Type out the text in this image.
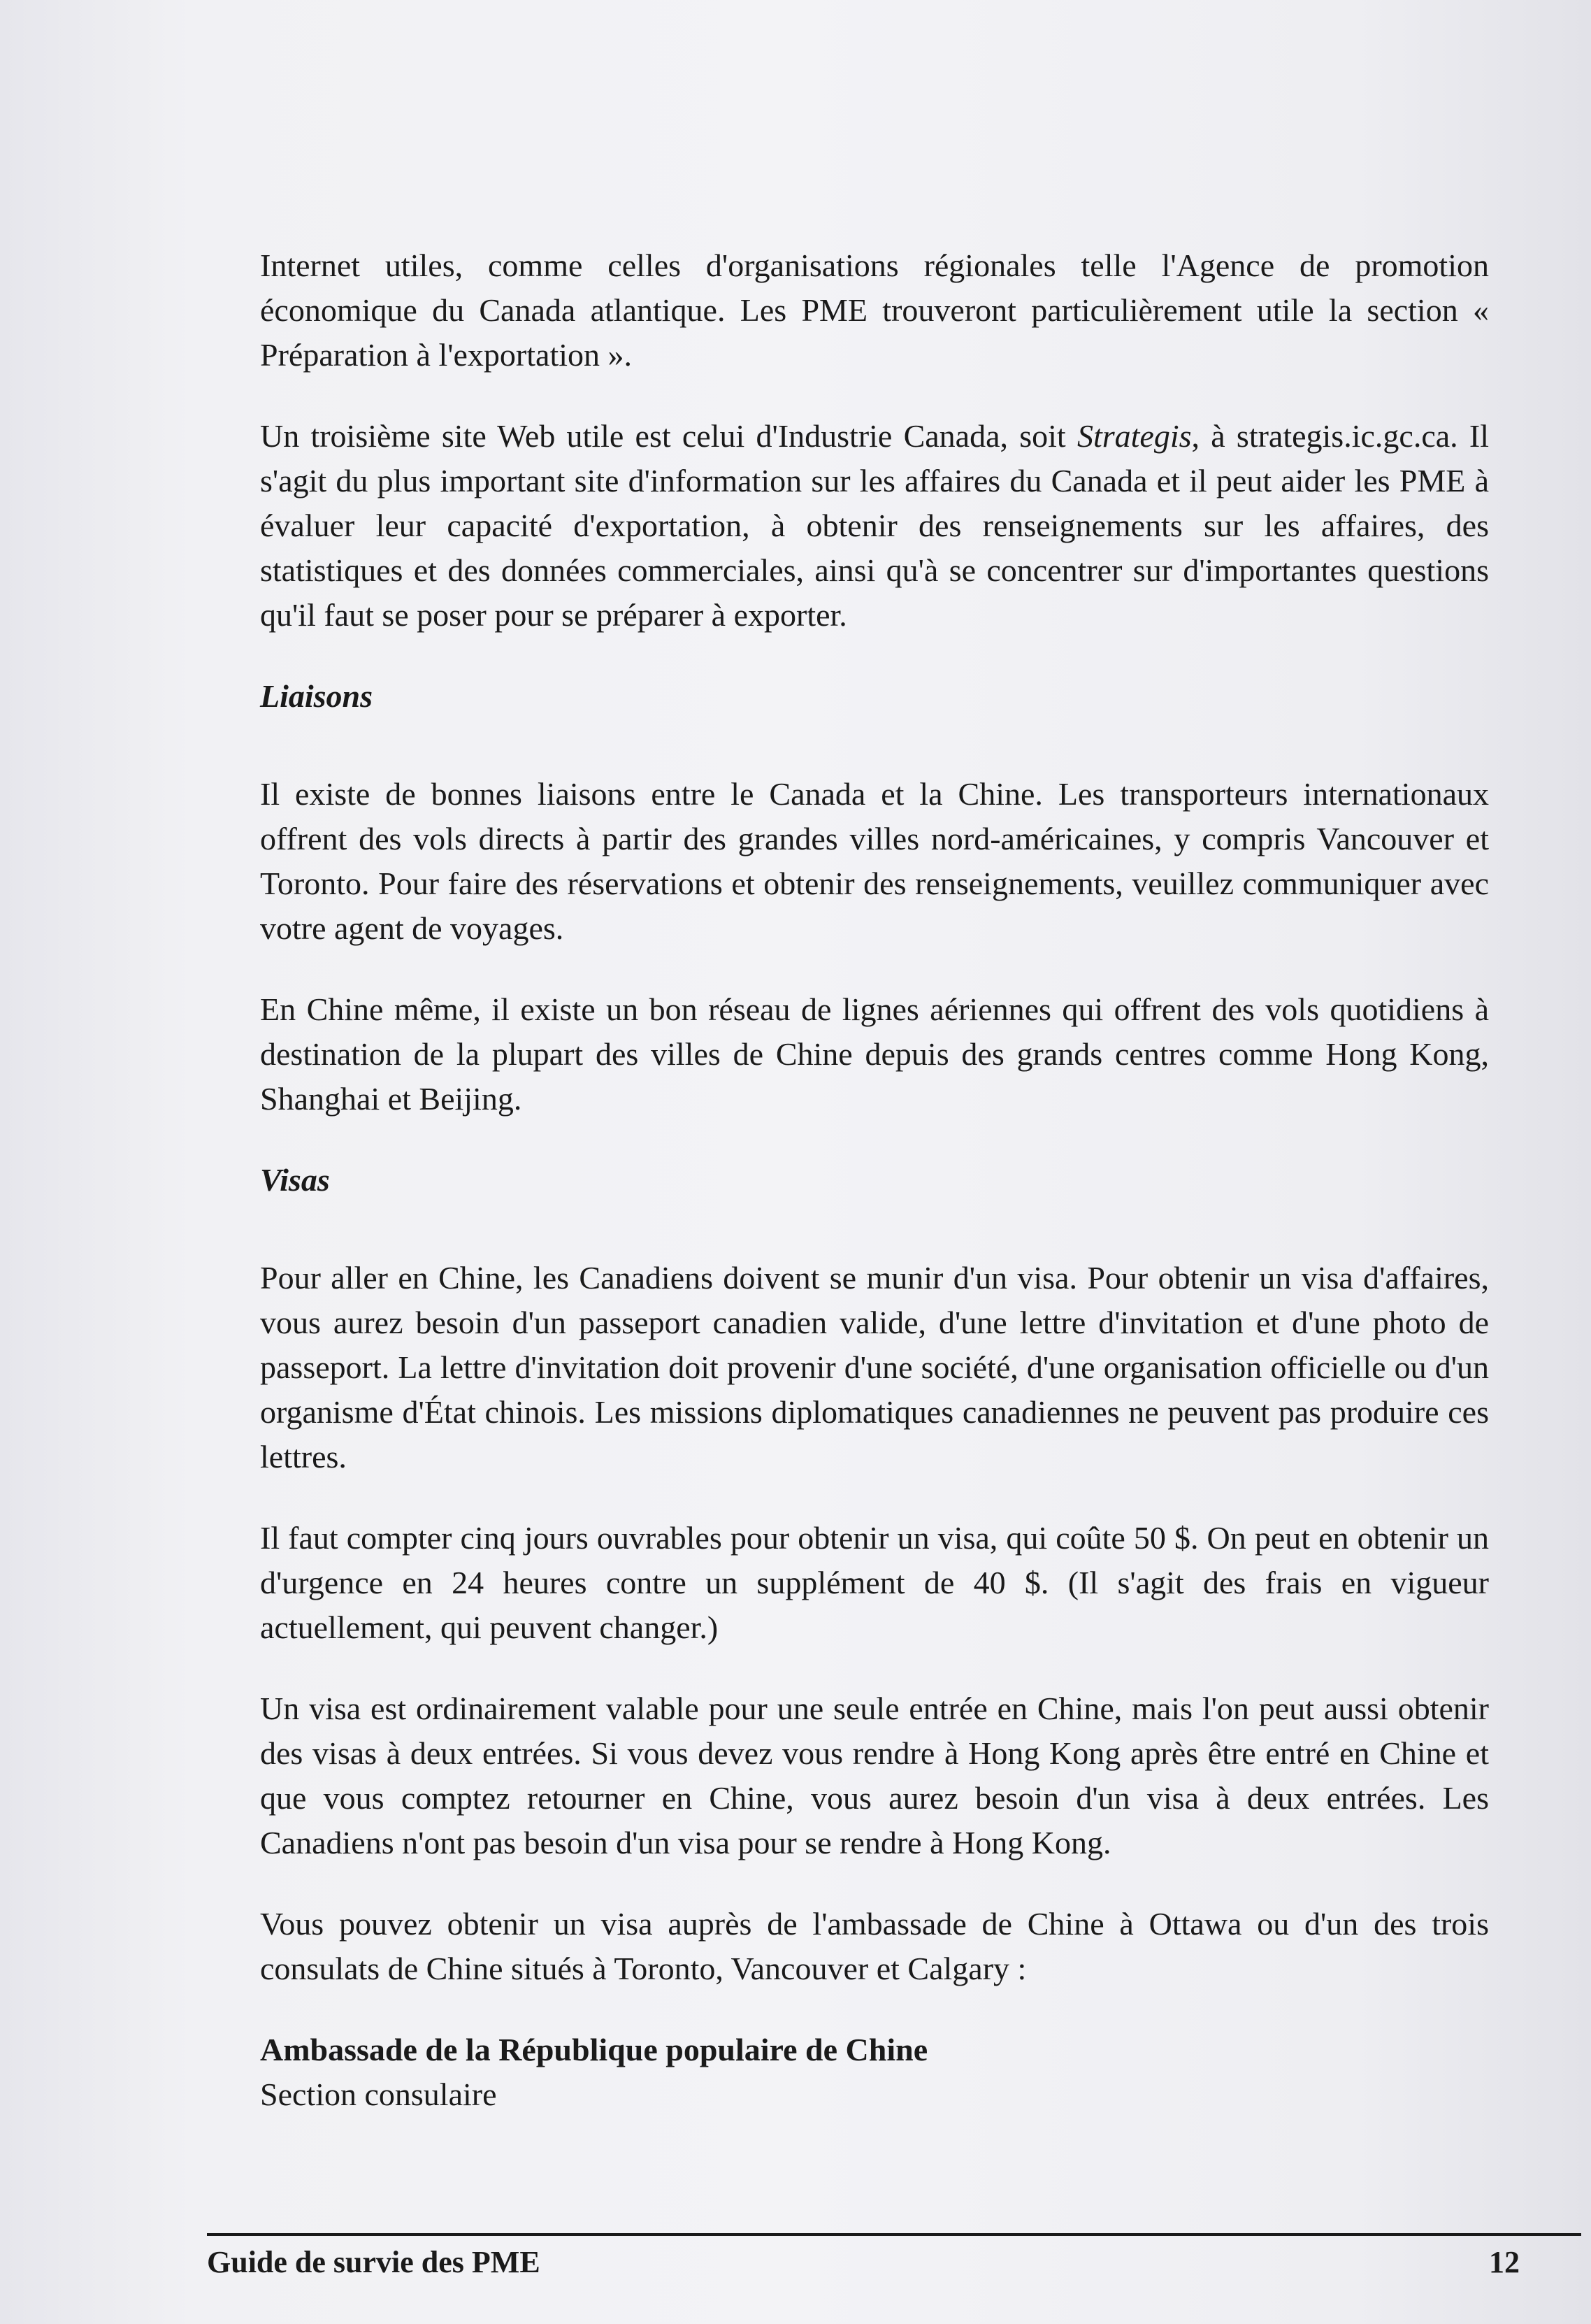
Internet utiles, comme celles d'organisations régionales telle l'Agence de promotion économique du Canada atlantique. Les PME trouveront particulièrement utile la section « Préparation à l'exportation ».

Un troisième site Web utile est celui d'Industrie Canada, soit Strategis, à strategis.ic.gc.ca. Il s'agit du plus important site d'information sur les affaires du Canada et il peut aider les PME à évaluer leur capacité d'exportation, à obtenir des renseignements sur les affaires, des statistiques et des données commerciales, ainsi qu'à se concentrer sur d'importantes questions qu'il faut se poser pour se préparer à exporter.

Liaisons

Il existe de bonnes liaisons entre le Canada et la Chine. Les transporteurs internationaux offrent des vols directs à partir des grandes villes nord-américaines, y compris Vancouver et Toronto. Pour faire des réservations et obtenir des renseignements, veuillez communiquer avec votre agent de voyages.

En Chine même, il existe un bon réseau de lignes aériennes qui offrent des vols quotidiens à destination de la plupart des villes de Chine depuis des grands centres comme Hong Kong, Shanghai et Beijing.

Visas

Pour aller en Chine, les Canadiens doivent se munir d'un visa. Pour obtenir un visa d'affaires, vous aurez besoin d'un passeport canadien valide, d'une lettre d'invitation et d'une photo de passeport. La lettre d'invitation doit provenir d'une société, d'une organisation officielle ou d'un organisme d'État chinois. Les missions diplomatiques canadiennes ne peuvent pas produire ces lettres.

Il faut compter cinq jours ouvrables pour obtenir un visa, qui coûte 50 $. On peut en obtenir un d'urgence en 24 heures contre un supplément de 40 $. (Il s'agit des frais en vigueur actuellement, qui peuvent changer.)

Un visa est ordinairement valable pour une seule entrée en Chine, mais l'on peut aussi obtenir des visas à deux entrées. Si vous devez vous rendre à Hong Kong après être entré en Chine et que vous comptez retourner en Chine, vous aurez besoin d'un visa à deux entrées. Les Canadiens n'ont pas besoin d'un visa pour se rendre à Hong Kong.

Vous pouvez obtenir un visa auprès de l'ambassade de Chine à Ottawa ou d'un des trois consulats de Chine situés à Toronto, Vancouver et Calgary :

Ambassade de la République populaire de Chine
Section consulaire
Guide de survie des PME	12
